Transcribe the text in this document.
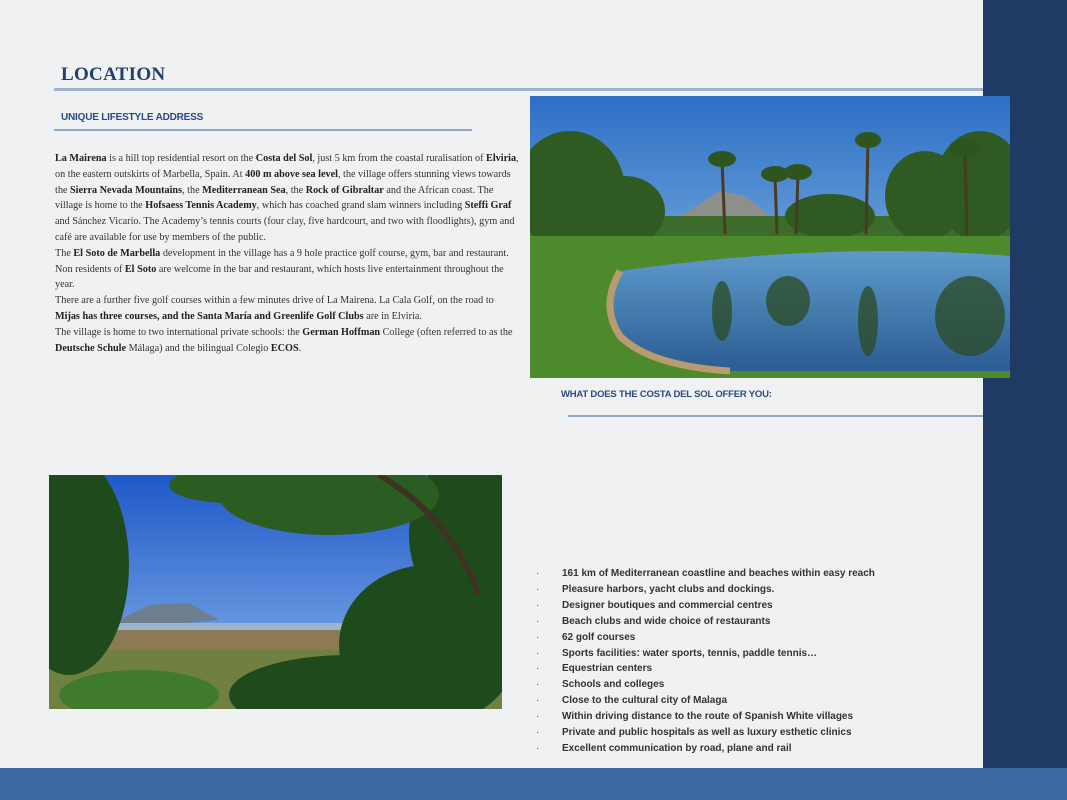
LOCATION
UNIQUE LIFESTYLE ADDRESS

La Mairena is a hill top residential resort on the Costa del Sol, just 5 km from the coastal ruralisation of Elviria, on the eastern outskirts of Marbella, Spain. At 400 m above sea level, the village offers stunning views towards the Sierra Nevada Mountains, the Mediterranean Sea, the Rock of Gibraltar and the African coast. The village is home to the Hofsaess Tennis Academy, which has coached grand slam winners including Steffi Graf and Sánchez Vicario. The Academy’s tennis courts (four clay, five hardcourt, and two with floodlights), gym and café are available for use by members of the public.

The El Soto de Marbella development in the village has a 9 hole practice golf course, gym, bar and restaurant. Non residents of El Soto are welcome in the bar and restaurant, which hosts live entertainment throughout the year.

There are a further five golf courses within a few minutes drive of La Mairena. La Cala Golf, on the road to Mijas has three courses, and the Santa María and Greenlife Golf Clubs are in Elviria.

The village is home to two international private schools: the German Hoffman College (often referred to as the Deutsche Schule Málaga) and the bilingual Colegio ECOS.

WHAT DOES THE COSTA DEL SOL OFFER YOU:
· 161 km of Mediterranean coastline and beaches within easy reach
· Pleasure harbors, yacht clubs and dockings.
· Designer boutiques and commercial centres
· Beach clubs and wide choice of restaurants
· 62 golf courses
· Sports facilities: water sports, tennis, paddle tennis…
· Equestrian centers
· Schools and colleges
· Close to the cultural city of Malaga
· Within driving distance to the route of Spanish White villages
· Private and public hospitals as well as luxury esthetic clinics
· Excellent communication by road, plane and rail
